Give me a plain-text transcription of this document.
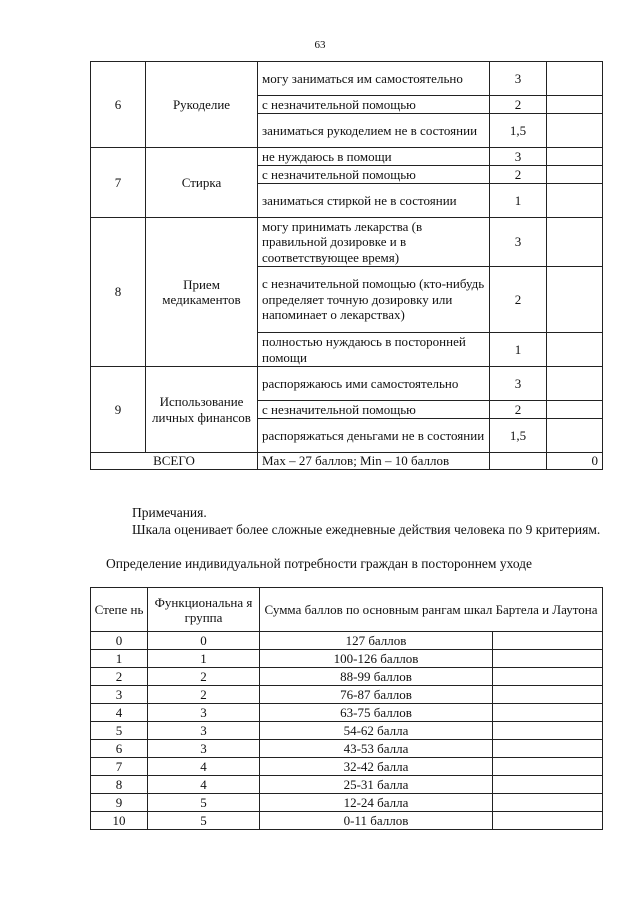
63
6	Рукоделие	могу заниматься им самостоятельно	3	
		с незначительной помощью	2	
		заниматься рукоделием не в состоянии	1,5	
7	Стирка	не нуждаюсь в помощи	3	
		с незначительной помощью	2	
		заниматься стиркой не в состоянии	1	
8	Прием медикаментов	могу принимать лекарства (в правильной дозировке и в соответствующее время)	3	
		с незначительной помощью (кто-нибудь определяет точную дозировку или напоминает о лекарствах)	2	
		полностью нуждаюсь в посторонней помощи	1	
9	Использование личных финансов	распоряжаюсь ими самостоятельно	3	
		с незначительной помощью	2	
		распоряжаться деньгами не в состоянии	1,5	
ВСЕГО		Max – 27 баллов; Min – 10 баллов		0
Примечания.
Шкала оценивает более сложные ежедневные действия человека по 9 критериям.
Определение индивидуальной потребности граждан в постороннем уходе
Степе нь	Функциональна я группа	Сумма баллов по основным рангам шкал Бартела и Лаутона	
0	0	127 баллов	
1	1	100-126 баллов	
2	2	88-99 баллов	
3	2	76-87 баллов	
4	3	63-75 баллов	
5	3	54-62 балла	
6	3	43-53 балла	
7	4	32-42 балла	
8	4	25-31 балла	
9	5	12-24 балла	
10	5	0-11 баллов	
